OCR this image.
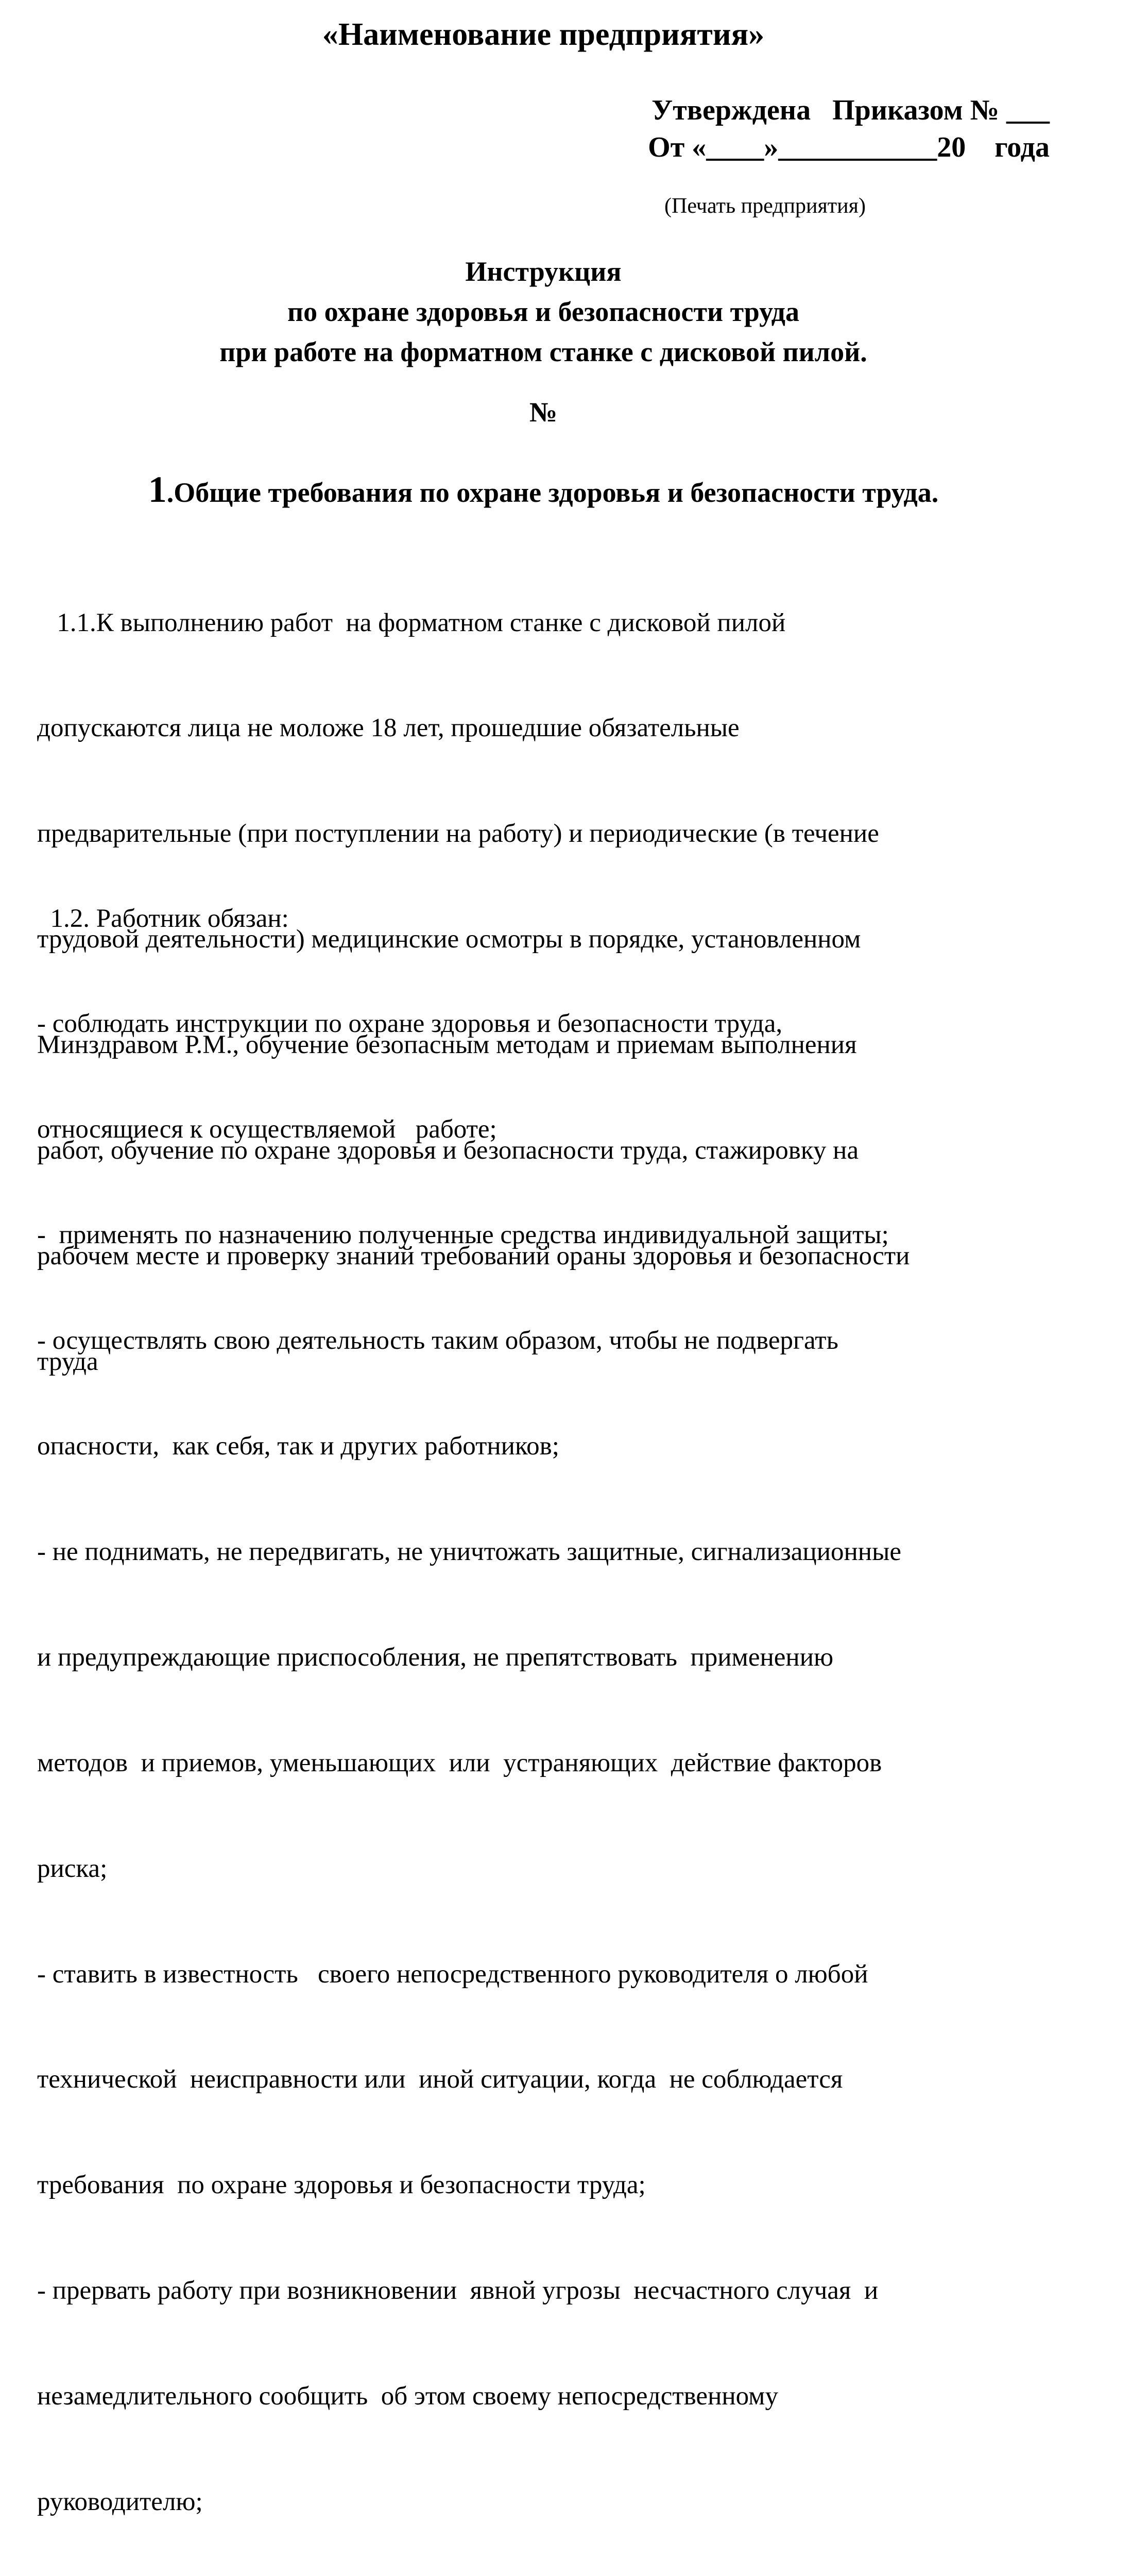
«Наименование предприятия»
Утверждена   Приказом № ___
От «____»___________20    года
(Печать предприятия)
Инструкция
по охране здоровья и безопасности труда
при работе на форматном станке с дисковой пилой.
№
1.Общие требования по охране здоровья и безопасности труда.

1.1.К выполнению работ  на форматном станке с дисковой пилой

допускаются лица не моложе 18 лет, прошедшие обязательные

предварительные (при поступлении на работу) и периодические (в течение

трудовой деятельности) медицинские осмотры в порядке, установленном

Минздравом Р.М., обучение безопасным методам и приемам выполнения

работ, обучение по охране здоровья и безопасности труда, стажировку на

рабочем месте и проверку знаний требований ораны здоровья и безопасности

труда

1.2. Работник обязан:

- соблюдать инструкции по охране здоровья и безопасности труда,

относящиеся к осуществляемой   работе;

-  применять по назначению полученные средства индивидуальной защиты;

- осуществлять свою деятельность таким образом, чтобы не подвергать

опасности,  как себя, так и других работников;

- не поднимать, не передвигать, не уничтожать защитные, сигнализационные

и предупреждающие приспособления, не препятствовать  применению

методов  и приемов, уменьшающих  или  устраняющих  действие факторов

риска;

- ставить в известность   своего непосредственного руководителя о любой

технической  неисправности или  иной ситуации, когда  не соблюдается

требования  по охране здоровья и безопасности труда;

- прервать работу при возникновении  явной угрозы  несчастного случая  и

незамедлительного сообщить  об этом своему непосредственному

руководителю;
